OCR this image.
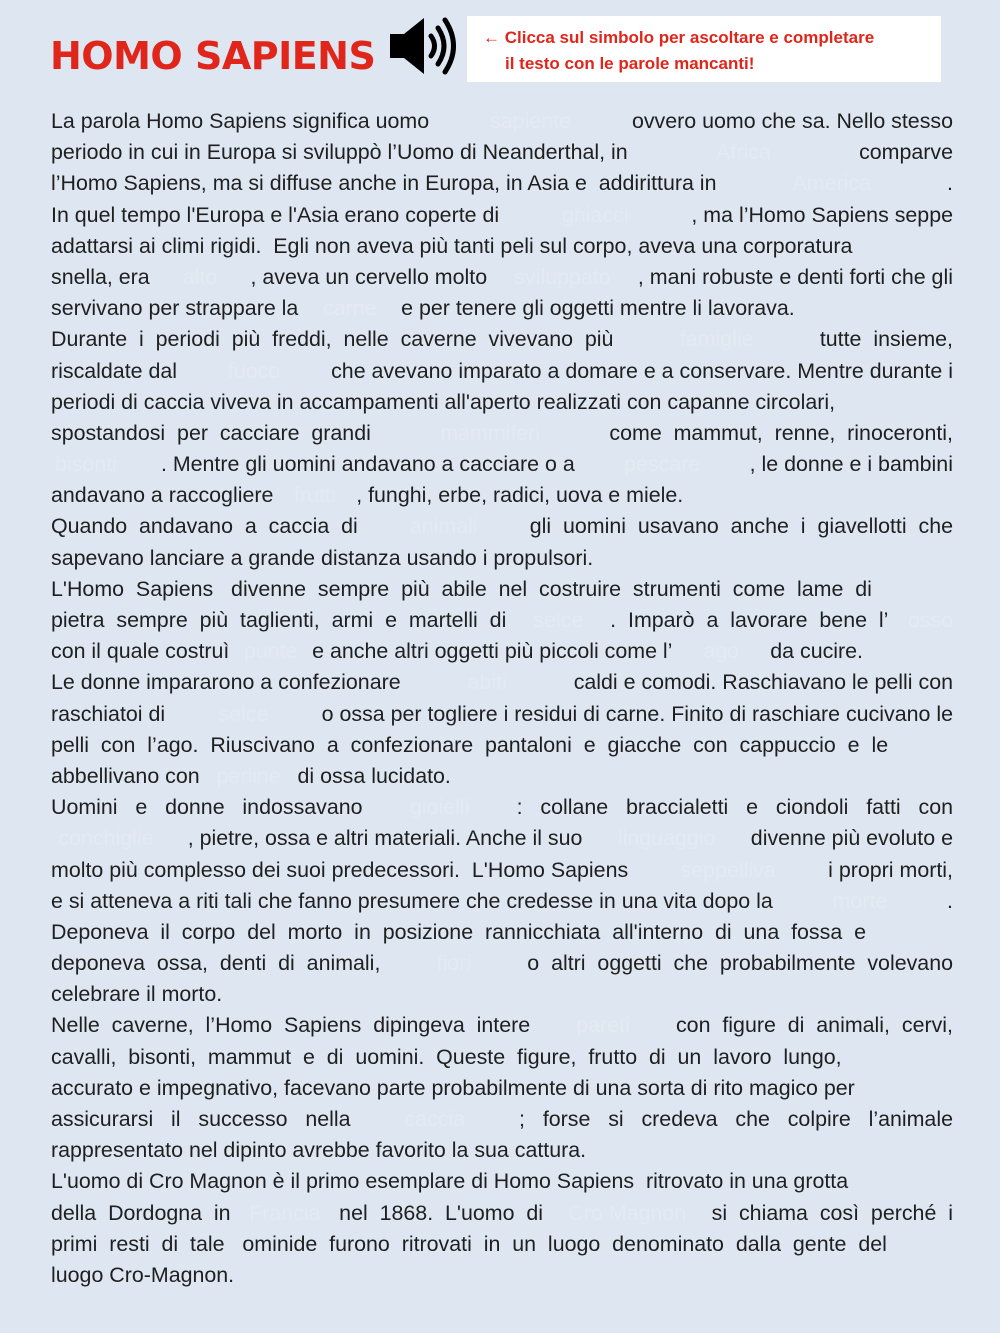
HOMO SAPIENS	← Clicca sul simbolo per ascoltare e completare
il testo con le parole mancanti!
La parola Homo Sapiens significa uomo	sapiente	ovvero uomo che sa. Nello stesso
periodo in cui in Europa si sviluppò l’Uomo di Neanderthal, in	Africa	comparve
l’Homo Sapiens, ma si diffuse anche in Europa, in Asia e  addirittura in	America	.
In quel tempo l'Europa e l'Asia erano coperte di	ghiacci	, ma l’Homo Sapiens seppe
adattarsi ai climi rigidi.  Egli non aveva più tanti peli sul corpo, aveva una corporatura
snella, era	alto	, aveva un cervello molto	sviluppato	, mani robuste e denti forti che gli
servivano per strappare la	carne	e per tenere gli oggetti mentre li lavorava.
Durante  i  periodi  più  freddi,  nelle  caverne  vivevano  più	famiglie	tutte  insieme,
riscaldate dal	fuoco	che avevano imparato a domare e a conservare. Mentre durante i
periodi di caccia viveva in accampamenti all'aperto realizzati con capanne circolari,
spostandosi  per  cacciare  grandi	mammiferi	come  mammut,  renne,  rinoceronti,
bisonti . Mentre gli uomini andavano a cacciare o a	pescare	, le donne e i bambini
andavano a raccogliere frutti , funghi, erbe, radici, uova e miele.
Quando  andavano  a  caccia  di	animali	gli  uomini  usavano  anche  i  giavellotti  che
sapevano lanciare a grande distanza usando i propulsori.
L'Homo  Sapiens   divenne  sempre  più  abile  nel  costruire  strumenti  come  lame  di
pietra  sempre  più  taglienti,  armi  e  martelli  di	selce	.  Imparò  a  lavorare  bene  l’ osso
con il quale costruì punte e anche altri oggetti più piccoli come l’	ago	da cucire.
Le donne impararono a confezionare	abiti	caldi e comodi. Raschiavano le pelli con
raschiatoi di	selce	o ossa per togliere i residui di carne. Finito di raschiare cucivano le
pelli  con  l’ago.  Riuscivano  a  confezionare  pantaloni  e  giacche  con  cappuccio  e  le
abbellivano con perline di ossa lucidato.
Uomini   e   donne   indossavano	gioielli	:   collane   braccialetti   e   ciondoli   fatti   con
conchiglie	, pietre, ossa e altri materiali. Anche il suo	linguaggio	divenne più evoluto e
molto più complesso dei suoi predecessori.  L'Homo Sapiens	seppelliva	i propri morti,
e si atteneva a riti tali che fanno presumere che credesse in una vita dopo la	morte	.
Deponeva  il  corpo  del  morto  in  posizione  rannicchiata  all'interno  di  una  fossa  e
deponeva  ossa,  denti  di  animali,	fiori	o  altri  oggetti  che  probabilmente  volevano
celebrare il morto.
Nelle  caverne,  l’Homo  Sapiens  dipingeva  intere	pareti	con  figure  di  animali,  cervi,
cavalli,  bisonti,  mammut  e  di  uomini.  Queste  figure,  frutto  di  un  lavoro  lungo,
accurato e impegnativo, facevano parte probabilmente di una sorta di rito magico per
assicurarsi   il   successo   nella	caccia	;   forse   si   credeva   che   colpire   l’animale
rappresentato nel dipinto avrebbe favorito la sua cattura.
L'uomo di Cro Magnon è il primo esemplare di Homo Sapiens  ritrovato in una grotta
della  Dordogna  in Francia nel  1868.  L'uomo  di	Cro Magnon	si  chiama  così  perché  i
primi  resti  di  tale   ominide  furono  ritrovati  in  un  luogo  denominato  dalla  gente  del
luogo Cro-Magnon.
